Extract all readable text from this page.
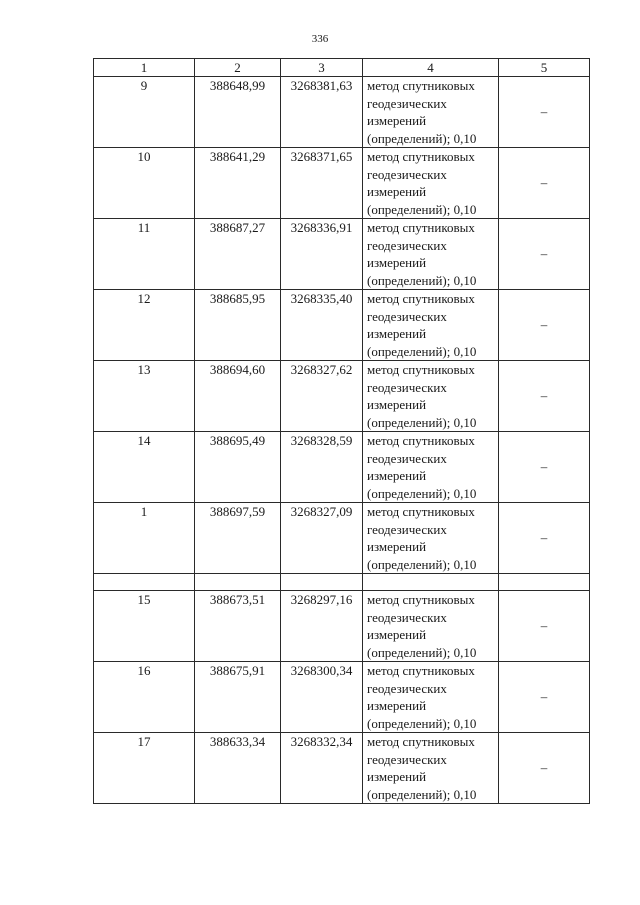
336
1	2	3	4	5
9	388648,99	3268381,63	метод спутниковых
геодезических
измерений
(определений); 0,10	–
10	388641,29	3268371,65	метод спутниковых
геодезических
измерений
(определений); 0,10	–
11	388687,27	3268336,91	метод спутниковых
геодезических
измерений
(определений); 0,10	–
12	388685,95	3268335,40	метод спутниковых
геодезических
измерений
(определений); 0,10	–
13	388694,60	3268327,62	метод спутниковых
геодезических
измерений
(определений); 0,10	–
14	388695,49	3268328,59	метод спутниковых
геодезических
измерений
(определений); 0,10	–
1	388697,59	3268327,09	метод спутниковых
геодезических
измерений
(определений); 0,10	–

15	388673,51	3268297,16	метод спутниковых
геодезических
измерений
(определений); 0,10	–
16	388675,91	3268300,34	метод спутниковых
геодезических
измерений
(определений); 0,10	–
17	388633,34	3268332,34	метод спутниковых
геодезических
измерений
(определений); 0,10	–
